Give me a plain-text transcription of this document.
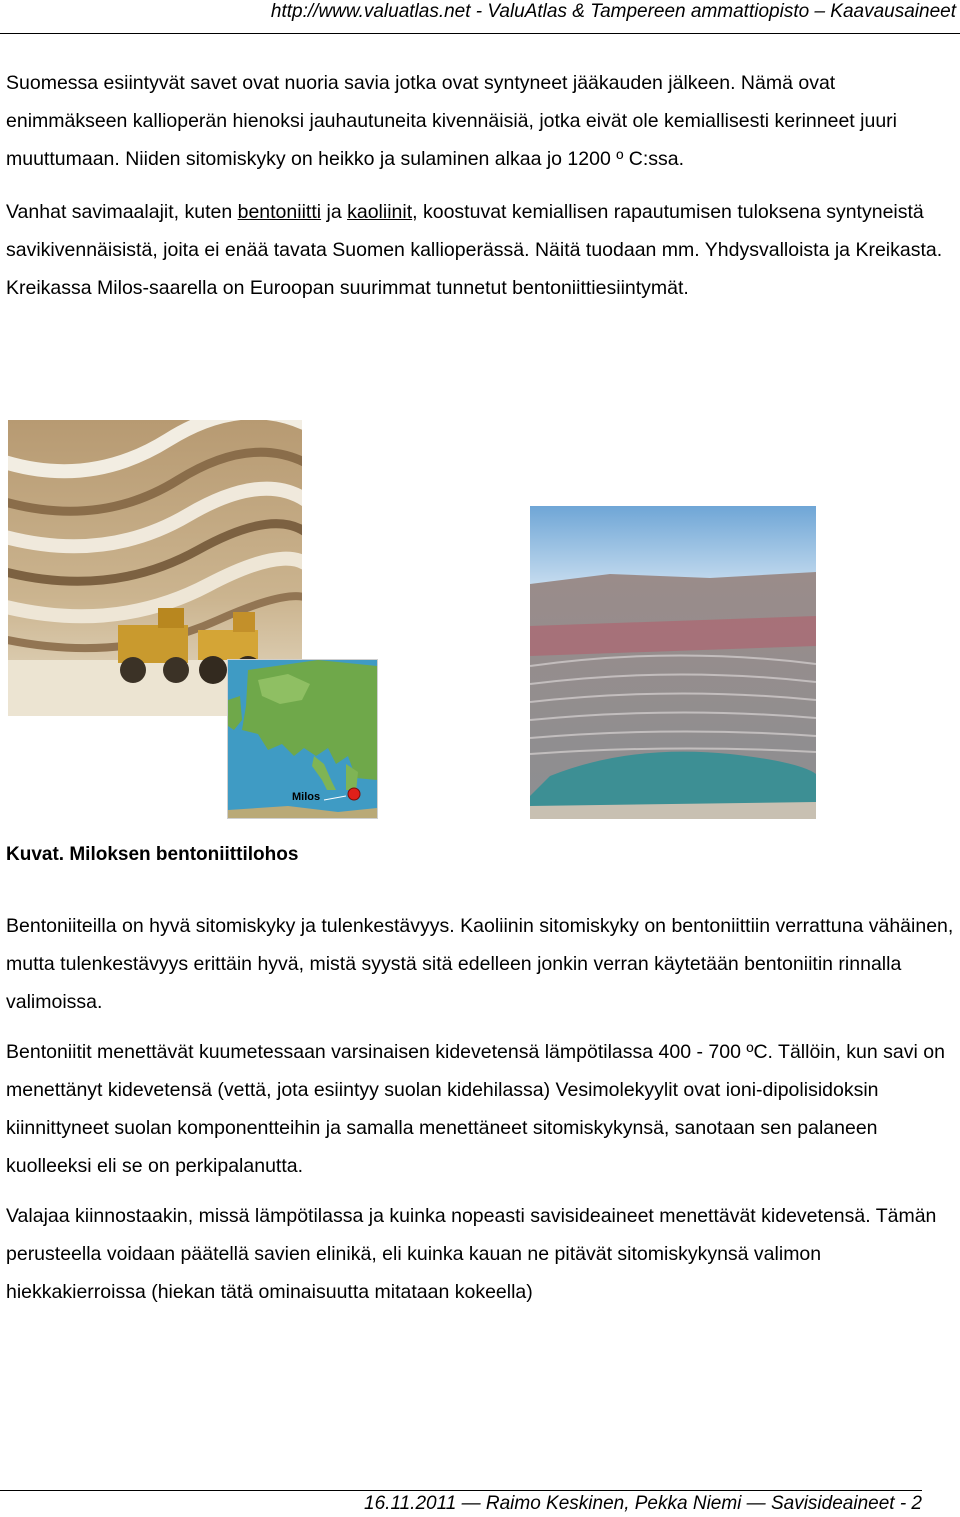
http://www.valuatlas.net - ValuAtlas & Tampereen ammattiopisto – Kaavausaineet

Suomessa esiintyvät savet ovat nuoria savia jotka ovat syntyneet jääkauden jälkeen. Nämä ovat enimmäkseen kallioperän hienoksi jauhautuneita kivennäisiä, jotka eivät ole kemiallisesti kerinneet juuri muuttumaan. Niiden sitomiskyky on heikko ja sulaminen alkaa jo 1200 º C:ssa.

Vanhat savimaalajit, kuten bentoniitti ja kaoliinit, koostuvat kemiallisen rapautumisen tuloksena syntyneistä savikivennäisistä, joita ei enää tavata Suomen kallioperässä. Näitä tuodaan mm. Yhdysvalloista ja Kreikasta. Kreikassa Milos-saarella on Euroopan suurimmat tunnetut bentoniittiesiintymät.

Milos

Kuvat. Miloksen bentoniittilohos

Bentoniiteilla on hyvä sitomiskyky ja tulenkestävyys. Kaoliinin sitomiskyky on bentoniittiin verrattuna vähäinen, mutta tulenkestävyys erittäin hyvä, mistä syystä sitä edelleen jonkin verran käytetään bentoniitin rinnalla valimoissa.

Bentoniitit menettävät kuumetessaan varsinaisen kidevetensä lämpötilassa 400 - 700 ºC. Tällöin, kun savi on menettänyt kidevetensä (vettä, jota esiintyy suolan kidehilassa) Vesimolekyylit ovat ioni-dipolisidoksin kiinnittyneet suolan komponentteihin ja samalla menettäneet sitomiskykynsä, sanotaan sen palaneen kuolleeksi eli se on perkipalanutta.

Valajaa kiinnostaakin, missä lämpötilassa ja kuinka nopeasti savisideaineet menettävät kidevetensä. Tämän perusteella voidaan päätellä savien elinikä, eli kuinka kauan ne pitävät sitomiskykynsä valimon hiekkakierroissa (hiekan tätä ominaisuutta mitataan kokeella)

16.11.2011 — Raimo Keskinen, Pekka Niemi — Savisideaineet - 2
